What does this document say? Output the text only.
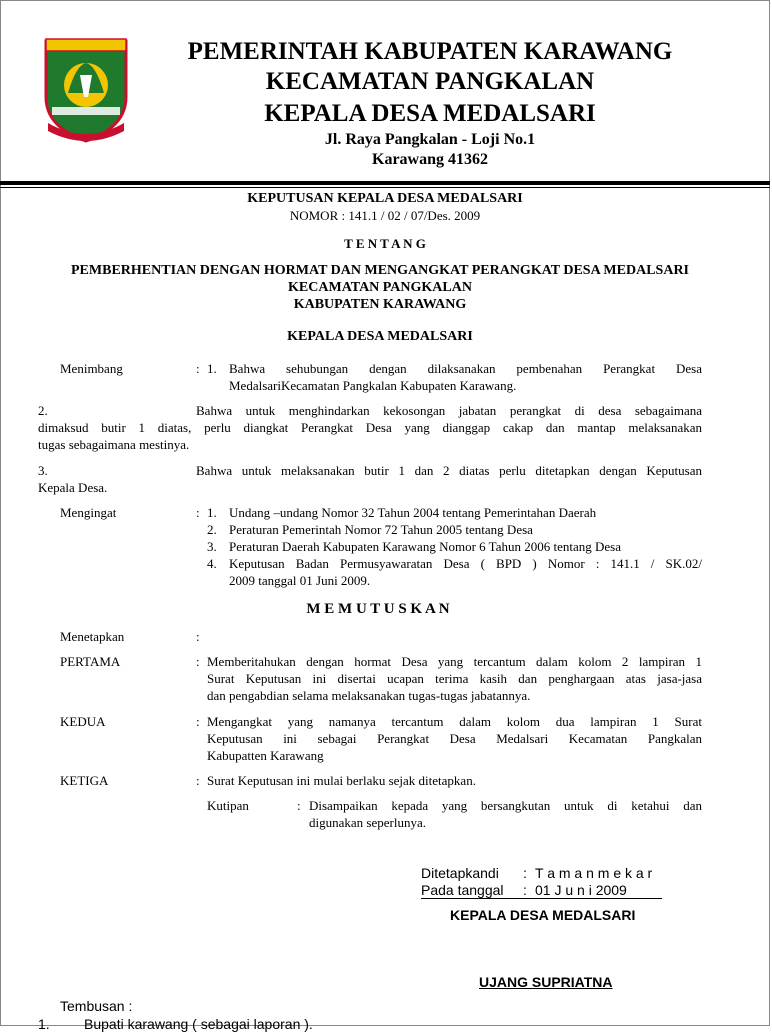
PEMERINTAH KABUPATEN KARAWANG
KECAMATAN PANGKALAN
KEPALA DESA MEDALSARI
Jl. Raya Pangkalan - Loji No.1
Karawang 41362
KEPUTUSAN KEPALA DESA MEDALSARI
NOMOR : 141.1 / 02 / 07/Des. 2009
T E N T A N G
PEMBERHENTIAN DENGAN HORMAT DAN MENGANGKAT PERANGKAT DESA MEDALSARI
KECAMATAN PANGKALAN
KABUPATEN KARAWANG
KEPALA DESA MEDALSARI
Menimbang	: 1. Bahwa sehubungan dengan dilaksanakan pembenahan Perangkat Desa
MedalsariKecamatan Pangkalan Kabupaten Karawang.
2.	Bahwa untuk menghindarkan kekosongan jabatan perangkat di desa sebagaimana
dimaksud butir 1 diatas, perlu diangkat Perangkat Desa yang dianggap cakap dan mantap melaksanakan
tugas sebagaimana mestinya.
3.	Bahwa untuk melaksanakan butir 1 dan 2 diatas perlu ditetapkan dengan Keputusan
Kepala Desa.
Mengingat	: 1. Undang –undang Nomor 32 Tahun 2004 tentang Pemerintahan Daerah
2. Peraturan Pemerintah Nomor 72 Tahun 2005 tentang Desa
3. Peraturan Daerah Kabupaten Karawang Nomor 6 Tahun 2006 tentang Desa
4. Keputusan Badan Permusyawaratan Desa ( BPD ) Nomor : 141.1 / SK.02/
2009 tanggal 01 Juni 2009.
M E M U T U S K A N
Menetapkan	:
PERTAMA	: Memberitahukan dengan hormat Desa yang tercantum dalam kolom 2 lampiran 1
Surat Keputusan ini disertai ucapan terima kasih dan penghargaan atas jasa-jasa
dan pengabdian selama melaksanakan tugas-tugas jabatannya.
KEDUA	: Mengangkat yang namanya tercantum dalam kolom dua lampiran 1 Surat
Keputusan ini sebagai Perangkat Desa Medalsari Kecamatan Pangkalan
Kabupatten Karawang
KETIGA	: Surat Keputusan ini mulai berlaku sejak ditetapkan.
Kutipan	: Disampaikan kepada yang bersangkutan untuk di ketahui dan
digunakan seperlunya.
Ditetapkandi : T a m a n m e k a r
Pada tanggal : 01 J u n i 2009
KEPALA DESA MEDALSARI
UJANG SUPRIATNA
Tembusan :
1. Bupati karawang ( sebagai laporan ).
